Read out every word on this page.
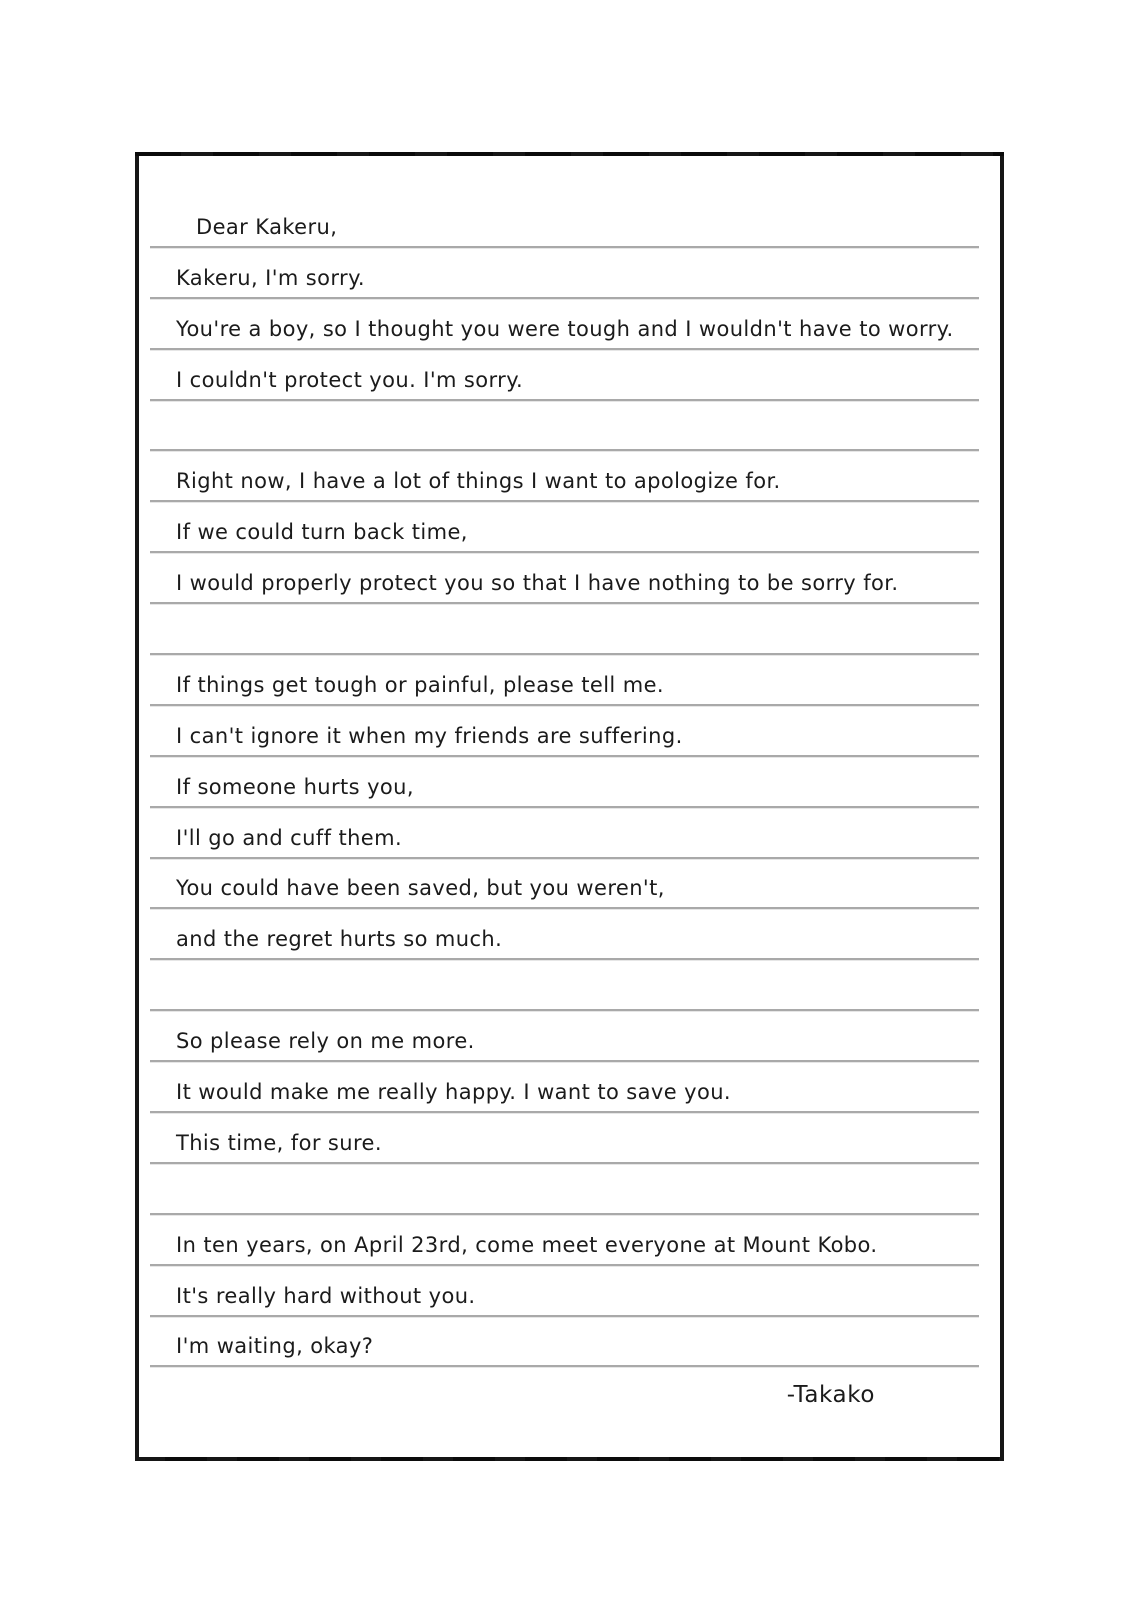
Dear Kakeru,
Kakeru, I'm sorry.
You're a boy, so I thought you were tough and I wouldn't have to worry.
I couldn't protect you. I'm sorry.
Right now, I have a lot of things I want to apologize for.
If we could turn back time,
I would properly protect you so that I have nothing to be sorry for.
If things get tough or painful, please tell me.
I can't ignore it when my friends are suffering.
If someone hurts you,
I'll go and cuff them.
You could have been saved, but you weren't,
and the regret hurts so much.
So please rely on me more.
It would make me really happy. I want to save you.
This time, for sure.
In ten years, on April 23rd, come meet everyone at Mount Kobo.
It's really hard without you.
I'm waiting, okay?
-Takako
